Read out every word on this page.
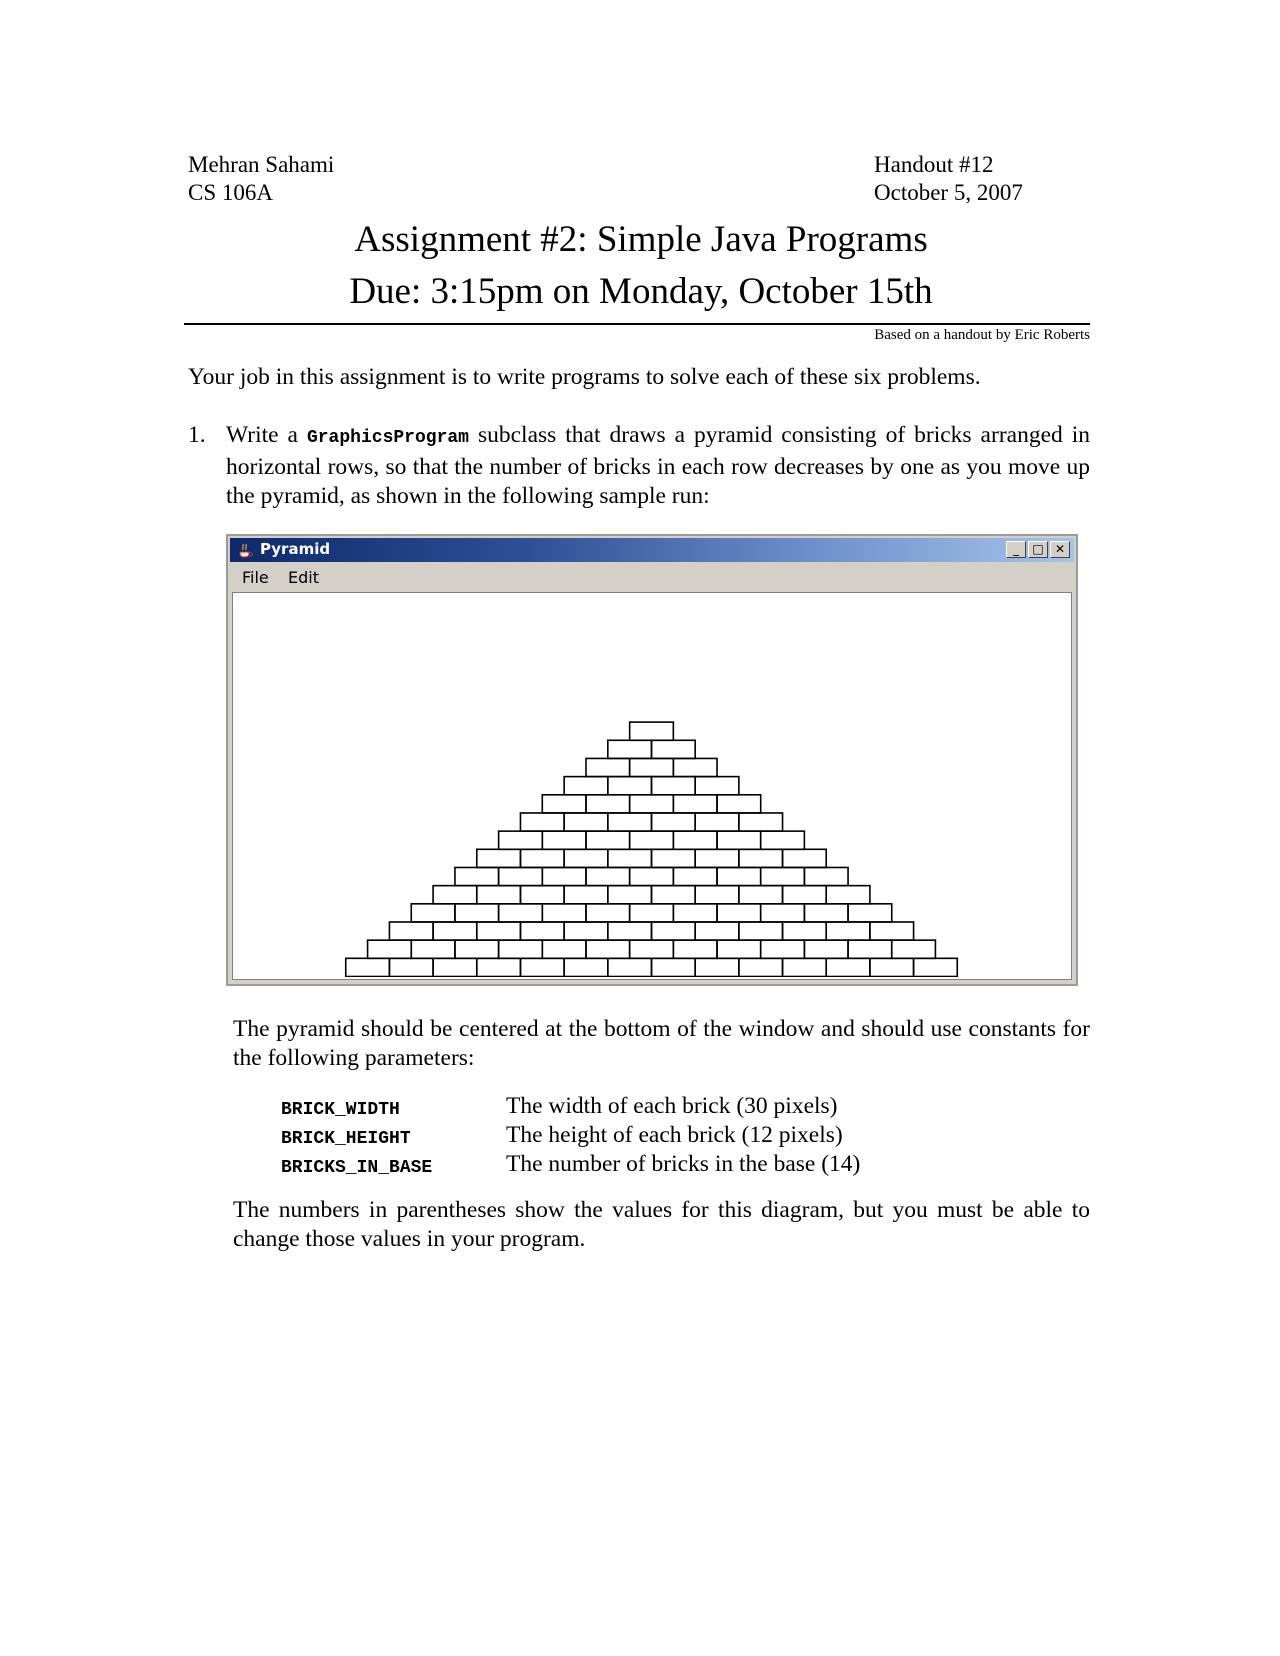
Mehran Sahami
CS 106A
Handout #12
October 5, 2007
Assignment #2: Simple Java Programs
Due: 3:15pm on Monday, October 15th
Based on a handout by Eric Roberts
Your job in this assignment is to write programs to solve each of these six problems.
1. Write a GraphicsProgram subclass that draws a pyramid consisting of bricks arranged in horizontal rows, so that the number of bricks in each row decreases by one as you move up the pyramid, as shown in the following sample run:
Pyramid	_	□ ✕
File Edit
The pyramid should be centered at the bottom of the window and should use constants for the following parameters:
BRICK_WIDTH	The width of each brick (30 pixels)
BRICK_HEIGHT	The height of each brick (12 pixels)
BRICKS_IN_BASE	The number of bricks in the base (14)
The numbers in parentheses show the values for this diagram, but you must be able to change those values in your program.
